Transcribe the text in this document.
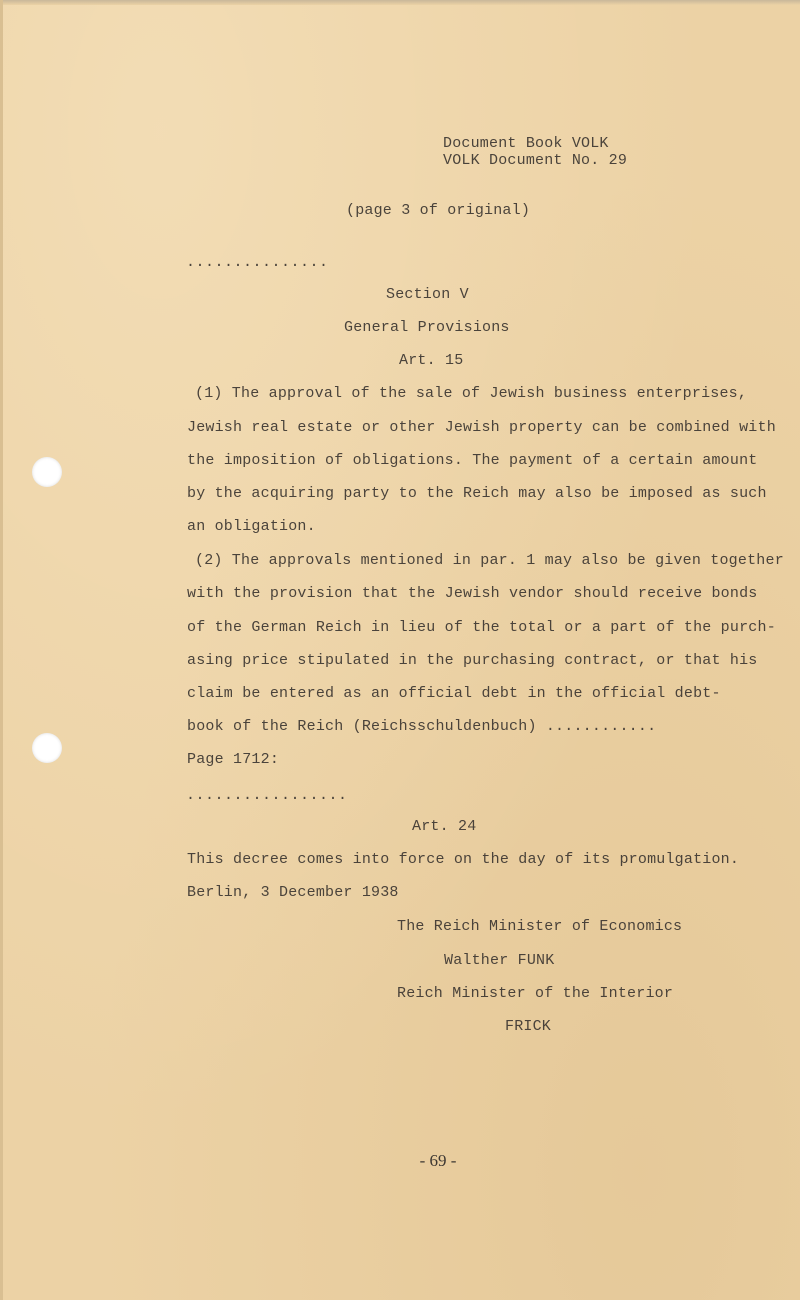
Document Book VOLK
VOLK Document No. 29
(page 3 of original)
...............
Section V
General Provisions
Art. 15
(1) The approval of the sale of Jewish business enterprises,
Jewish real estate or other Jewish property can be combined with
the imposition of obligations. The payment of a certain amount
by the acquiring party to the Reich may also be imposed as such
an obligation.
(2) The approvals mentioned in par. 1 may also be given together
with the provision that the Jewish vendor should receive bonds
of the German Reich in lieu of the total or a part of the purch-
asing price stipulated in the purchasing contract, or that his
claim be entered as an official debt in the official debt-
book of the Reich (Reichsschuldenbuch) ............
Page 1712:
.................
Art. 24
This decree comes into force on the day of its promulgation.
Berlin, 3 December 1938
The Reich Minister of Economics
Walther FUNK
Reich Minister of the Interior
FRICK
- 69 -
